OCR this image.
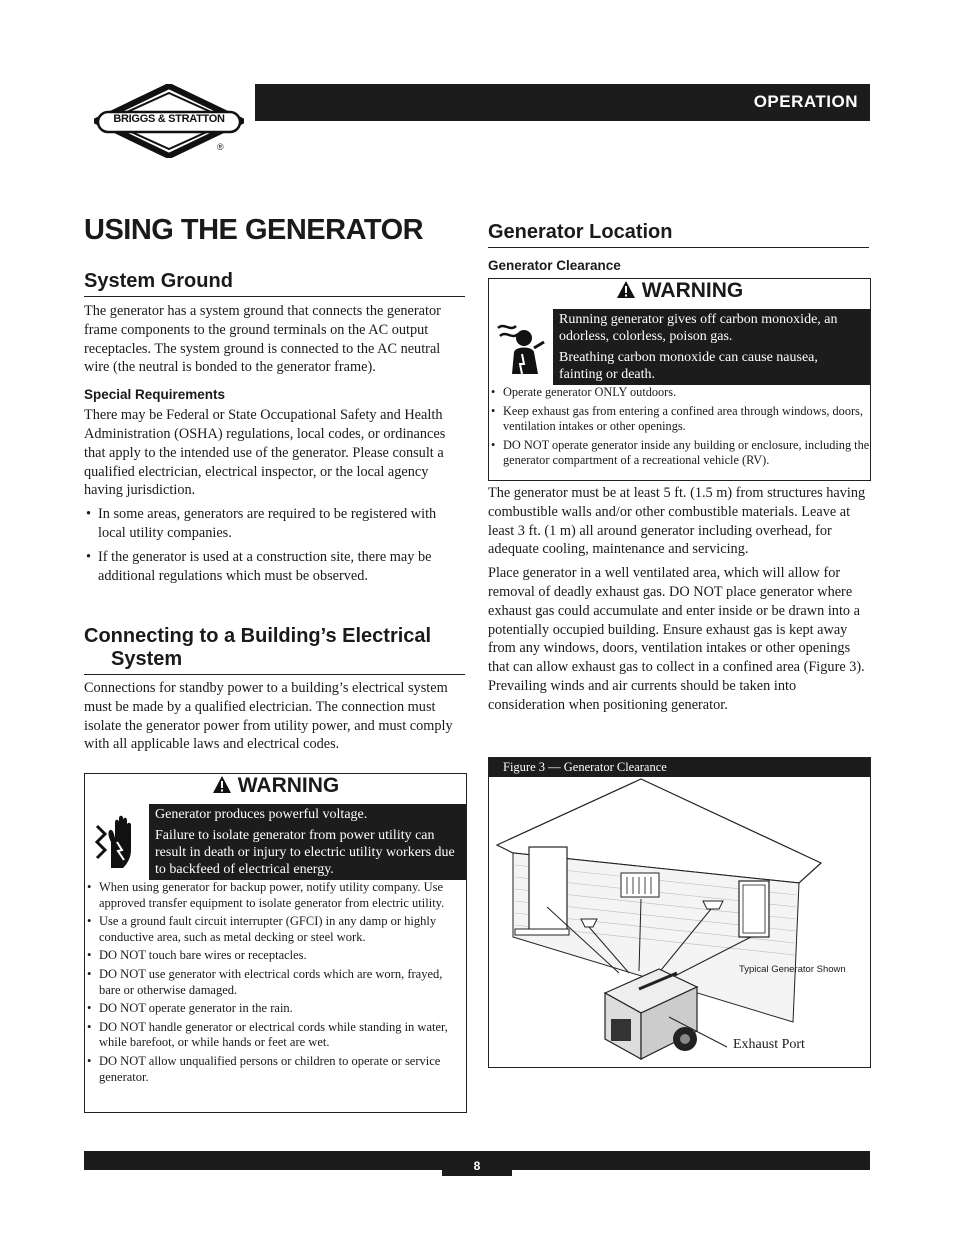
OPERATION
BRIGGS & STRATTON
®
USING THE GENERATOR
System Ground

The generator has a system ground that connects the generator frame components to the ground terminals on the AC output receptacles. The system ground is connected to the AC neutral wire (the neutral is bonded to the generator frame).

Special Requirements

There may be Federal or State Occupational Safety and Health Administration (OSHA) regulations, local codes, or ordinances that apply to the intended use of the generator. Please consult a qualified electrician, electrical inspector, or the local agency having jurisdiction.

• In some areas, generators are required to be registered with local utility companies.
• If the generator is used at a construction site, there may be additional regulations which must be observed.
Connecting to a Building’s Electrical System

Connections for standby power to a building’s electrical system must be made by a qualified electrician. The connection must isolate the generator power from utility power, and must comply with all applicable laws and electrical codes.

WARNING

Generator produces powerful voltage.

Failure to isolate generator from power utility can result in death or injury to electric utility workers due to backfeed of electrical energy.

• When using generator for backup power, notify utility company. Use approved transfer equipment to isolate generator from electric utility.
• Use a ground fault circuit interrupter (GFCI) in any damp or highly conductive area, such as metal decking or steel work.
• DO NOT touch bare wires or receptacles.
• DO NOT use generator with electrical cords which are worn, frayed, bare or otherwise damaged.
• DO NOT operate generator in the rain.
• DO NOT handle generator or electrical cords while standing in water, while barefoot, or while hands or feet are wet.
• DO NOT allow unqualified persons or children to operate or service generator.
Generator Location
Generator Clearance
WARNING

Running generator gives off carbon monoxide, an odorless, colorless, poison gas.

Breathing carbon monoxide can cause nausea, fainting or death.

• Operate generator ONLY outdoors.
• Keep exhaust gas from entering a confined area through windows, doors, ventilation intakes or other openings.
• DO NOT operate generator inside any building or enclosure, including the generator compartment of a recreational vehicle (RV).

The generator must be at least 5 ft. (1.5 m) from structures having combustible walls and/or other combustible materials. Leave at least 3 ft. (1 m) all around generator including overhead, for adequate cooling, maintenance and servicing.

Place generator in a well ventilated area, which will allow for removal of deadly exhaust gas. DO NOT place generator where exhaust gas could accumulate and enter inside or be drawn into a potentially occupied building. Ensure exhaust gas is kept away from any windows, doors, ventilation intakes or other openings that can allow exhaust gas to collect in a confined area (Figure 3). Prevailing winds and air currents should be taken into consideration when positioning generator.

Figure 3 — Generator Clearance
Typical Generator Shown
Exhaust Port
8
